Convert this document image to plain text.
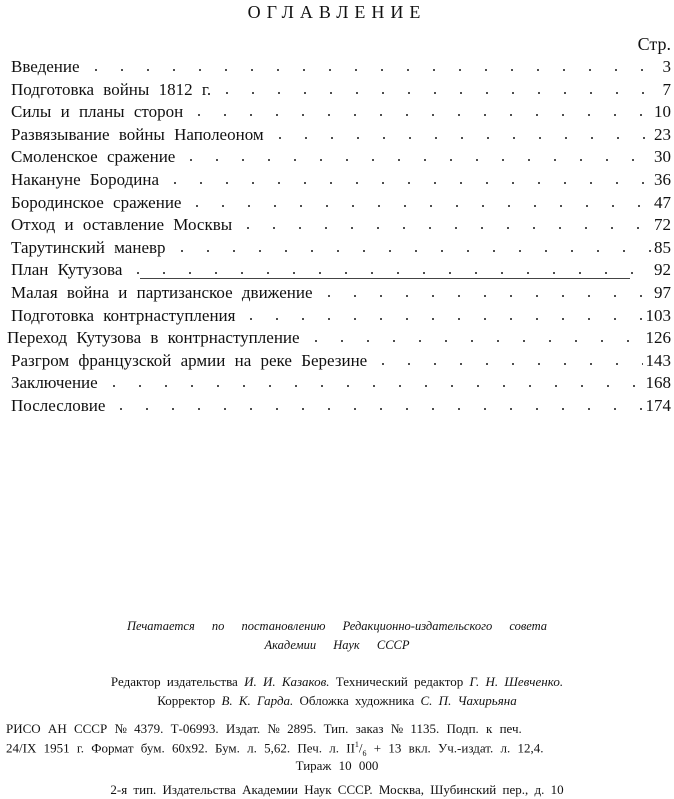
ОГЛАВЛЕНИЕ
Стр.
Введение	3
Подготовка войны 1812 г.	7
Силы и планы сторон	10
Развязывание войны Наполеоном	23
Смоленское сражение	30
Накануне Бородина	36
Бородинское сражение	47
Отход и оставление Москвы	72
Тарутинский маневр	85
План Кутузова	92
Малая война и партизанское движение	97
Подготовка контрнаступления	103
Переход Кутузова в контрнаступление	126
Разгром французской армии на реке Березине	143
Заключение	168
Послесловие	174
Печатается по постановлению Редакционно-издательского совета
Академии Наук СССР
Редактор издательства И. И. Казаков. Технический редактор Г. Н. Шевченко.
Корректор В. К. Гарда. Обложка художника С. П. Чахирьяна
РИСО АН СССР № 4379. Т-06993. Издат. № 2895. Тип. заказ № 1135. Подп. к печ.
24/IX 1951 г. Формат бум. 60x92. Бум. л. 5,62. Печ. л. $II^1/_6 + 13$ вкл. Уч.-издат. л. 12,4.
Тираж 10 000
2-я тип. Издательства Академии Наук СССР. Москва, Шубинский пер., д. 10
